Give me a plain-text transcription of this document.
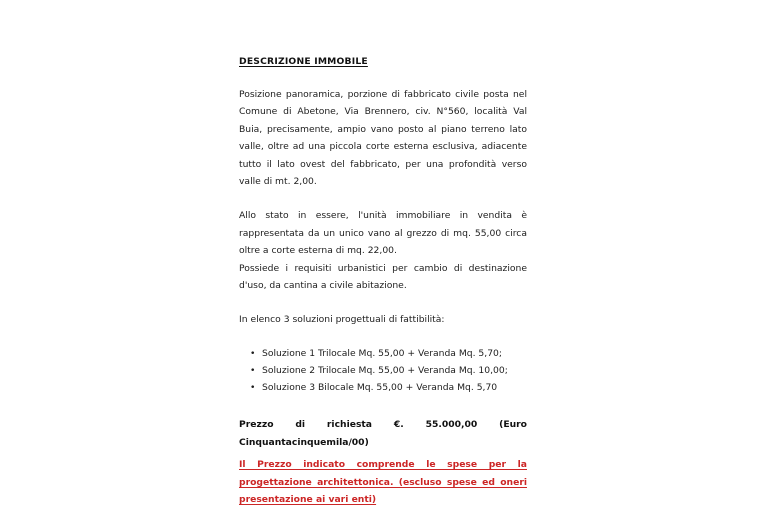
DESCRIZIONE IMMOBILE

Posizione panoramica, porzione di fabbricato civile posta nel Comune di Abetone, Via Brennero, civ. N°560, località Val Buia, precisamente, ampio vano posto al piano terreno lato valle, oltre ad una piccola corte esterna esclusiva, adiacente tutto il lato ovest del fabbricato, per una profondità verso valle di mt. 2,00.

Allo stato in essere, l'unità immobiliare in vendita è rappresentata da un unico vano al grezzo di mq. 55,00 circa oltre a corte esterna di mq. 22,00.

Possiede i requisiti urbanistici per cambio di destinazione d'uso, da cantina a civile abitazione.

In elenco 3 soluzioni progettuali di fattibilità:

• Soluzione 1 Trilocale Mq. 55,00 + Veranda Mq. 5,70;
• Soluzione 2 Trilocale Mq. 55,00 + Veranda Mq. 10,00;
• Soluzione 3 Bilocale Mq. 55,00 + Veranda Mq. 5,70
Prezzo di richiesta €. 55.000,00 (Euro
Cinquantacinquemila/00)
Il Prezzo indicato comprende le spese per la
progettazione architettonica. (escluso spese ed oneri
presentazione ai vari enti)
